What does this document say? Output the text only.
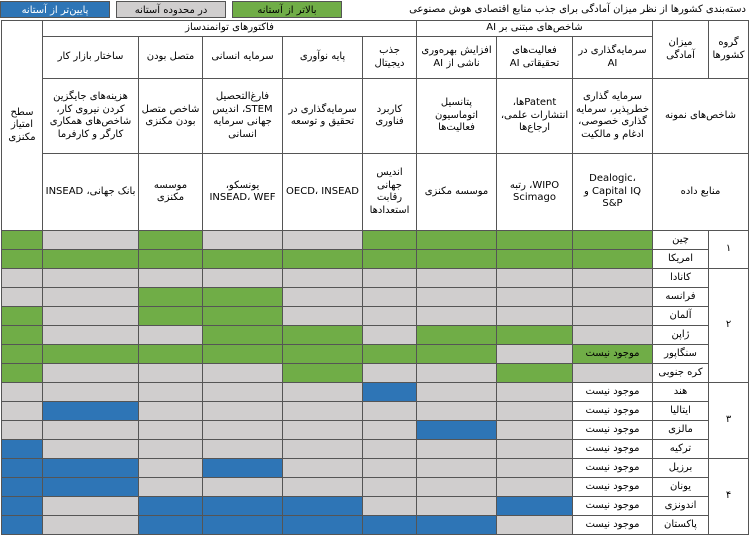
پایین‌تر از آستانه	در محدوده آستانه	بالاتر از آستانه	دسته‌بندی کشورها از نظر میزان آمادگی برای جذب منابع اقتصادی هوش مصنوعی
گروه کشورها	میزان آمادگی	شاخص‌های مبتنی بر AI			فاکتورهای توانمندساز					سطح امتیاز مکنزی
		سرمایه‌گذاری در AI	فعالیت‌های تحقیقاتی AI	افزایش بهره‌وری ناشی از AI	جذب دیجیتال	پایه نوآوری	سرمایه انسانی	متصل بودن	ساختار بازار کار	
شاخص‌های نمونه		سرمایه گذاری خطرپذیر، سرمایه گذاری خصوصی، ادغام و مالکیت	Patentها، انتشارات علمی، ارجاع‌ها	پتانسیل اتوماسیون فعالیت‌ها	کاربرد فناوری	سرمایه‌گذاری در تحقیق و توسعه	فارغ‌التحصیل STEM، اندیس جهانی سرمایه انسانی	شاخص متصل بودن مکنزی	هزینه‌های جایگزین کردن نیروی کار، شاخص‌های همکاری کارگر و کارفرما	
منابع داده		Dealogic، Capital IQ و S&P	WIPO، رتبه Scimago	موسسه مکنزی	اندیس جهانی رقابت استعدادها	OECD، INSEAD	یونسکو، INSEAD، WEF	موسسه مکنزی	بانک جهانی، INSEAD	
۱	چین									
	امریکا									
۲	کانادا									
	فرانسه									
	آلمان									
	ژاپن									
	سنگاپور	موجود نیست								
	کره جنوبی									
۳	هند	موجود نیست								
	ایتالیا	موجود نیست								
	مالزی	موجود نیست								
	ترکیه	موجود نیست								
۴	برزیل	موجود نیست								
	یونان	موجود نیست								
	اندونزی	موجود نیست								
	پاکستان	موجود نیست								
